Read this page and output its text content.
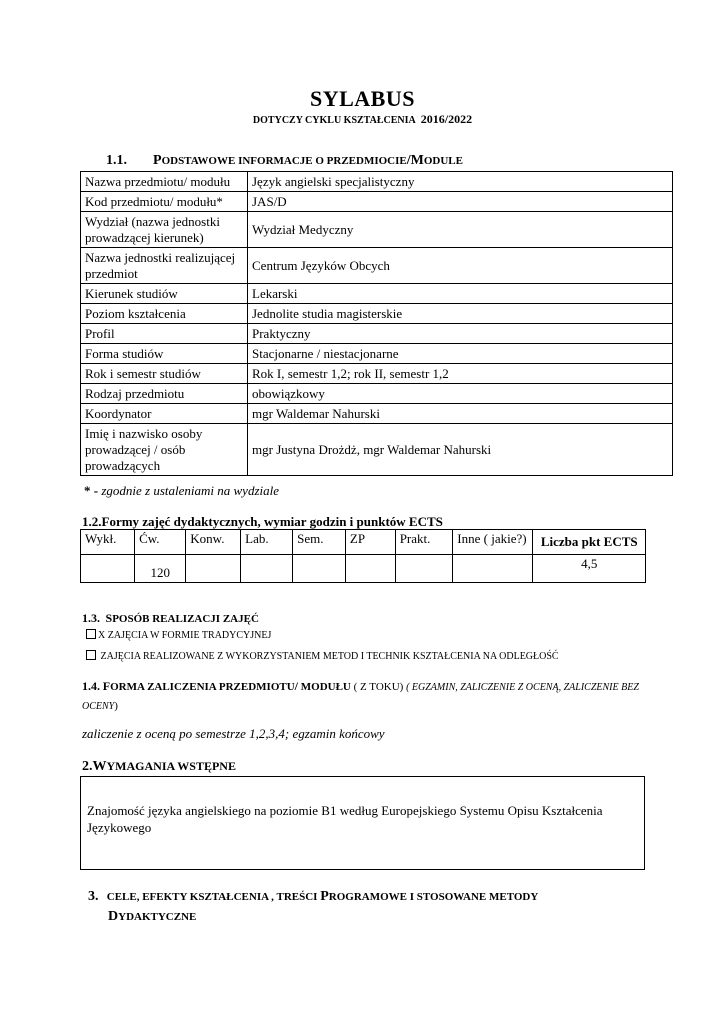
SYLABUS
DOTYCZY CYKLU KSZTAŁCENIA 2016/2022
1.1. PODSTAWOWE INFORMACJE O PRZEDMIOCIE/MODULE
Nazwa przedmiotu/ modułu	Język angielski specjalistyczny
Kod przedmiotu/ modułu*	JAS/D
Wydział (nazwa jednostki prowadzącej kierunek)	Wydział Medyczny
Nazwa jednostki realizującej przedmiot	Centrum Języków Obcych
Kierunek studiów	Lekarski
Poziom kształcenia	Jednolite studia magisterskie
Profil	Praktyczny
Forma studiów	Stacjonarne / niestacjonarne
Rok i semestr studiów	Rok I, semestr 1,2; rok II, semestr 1,2
Rodzaj przedmiotu	obowiązkowy
Koordynator	mgr Waldemar Nahurski
Imię i nazwisko osoby prowadzącej / osób prowadzących	mgr Justyna Drożdż, mgr Waldemar Nahurski
* - zgodnie z ustaleniami na wydziale
1.2.Formy zajęć dydaktycznych, wymiar godzin i punktów ECTS
Wykł.	Ćw.	Konw.	Lab.	Sem.	ZP	Prakt.	Inne ( jakie?)	Liczba pkt ECTS
	120							4,5
1.3. SPOSÓB REALIZACJI ZAJĘĆ
X ZAJĘCIA W FORMIE TRADYCYJNEJ
ZAJĘCIA REALIZOWANE Z WYKORZYSTANIEM METOD I TECHNIK KSZTAŁCENIA NA ODLEGŁOŚĆ
1.4. FORMA ZALICZENIA PRZEDMIOTU/ MODUŁU ( Z TOKU) ( EGZAMIN, ZALICZENIE Z OCENĄ, ZALICZENIE BEZ OCENY)
zaliczenie z oceną po semestrze 1,2,3,4; egzamin końcowy
2.WYMAGANIA WSTĘPNE
Znajomość języka angielskiego na poziomie B1 według Europejskiego Systemu Opisu Kształcenia Językowego
3. CELE, EFEKTY KSZTAŁCENIA , TREŚCI PROGRAMOWE I STOSOWANE METODY
DYDAKTYCZNE
